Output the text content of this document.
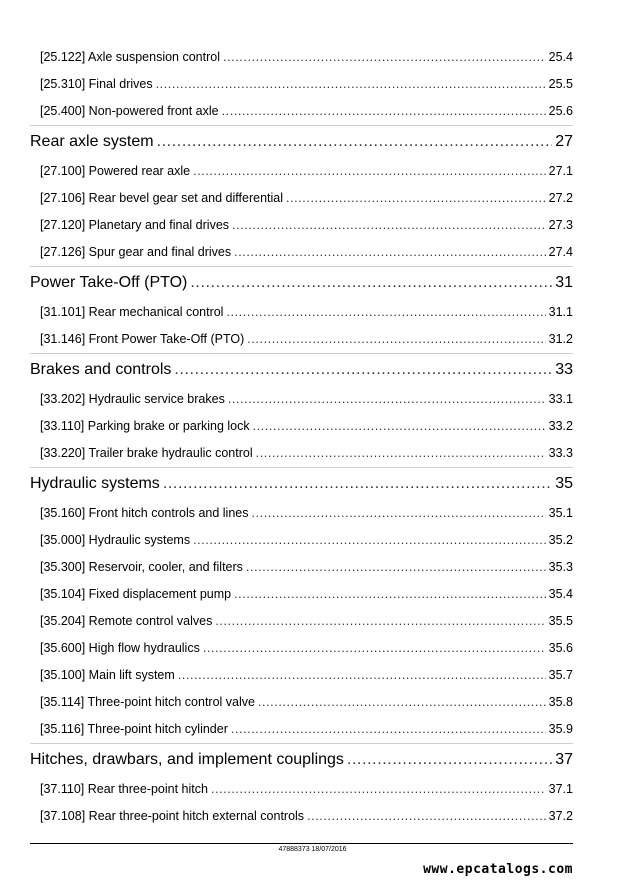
[25.122] Axle suspension control .....	25.4
[25.310] Final drives .....	25.5
[25.400] Non-powered front axle .....	25.6
Rear axle system .....	27
[27.100] Powered rear axle .....	27.1
[27.106] Rear bevel gear set and differential .....	27.2
[27.120] Planetary and final drives .....	27.3
[27.126] Spur gear and final drives .....	27.4
Power Take-Off (PTO) .....	31
[31.101] Rear mechanical control .....	31.1
[31.146] Front Power Take-Off (PTO) .....	31.2
Brakes and controls .....	33
[33.202] Hydraulic service brakes .....	33.1
[33.110] Parking brake or parking lock .....	33.2
[33.220] Trailer brake hydraulic control .....	33.3
Hydraulic systems .....	35
[35.160] Front hitch controls and lines .....	35.1
[35.000] Hydraulic systems .....	35.2
[35.300] Reservoir, cooler, and filters .....	35.3
[35.104] Fixed displacement pump .....	35.4
[35.204] Remote control valves .....	35.5
[35.600] High flow hydraulics .....	35.6
[35.100] Main lift system .....	35.7
[35.114] Three-point hitch control valve .....	35.8
[35.116] Three-point hitch cylinder .....	35.9
Hitches, drawbars, and implement couplings .....	37
[37.110] Rear three-point hitch .....	37.1
[37.108] Rear three-point hitch external controls .....	37.2
47888373 18/07/2016
www.epcatalogs.com
